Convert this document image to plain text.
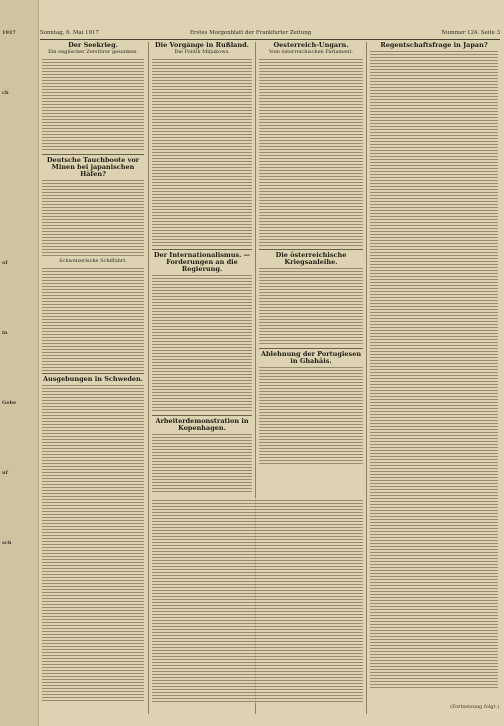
1917
ch
of
in
Gebe
uf
sch
Sonntag, 6. Mai 1917	Erstes Morgenblatt der Frankfurter Zeitung	Nummer 124. Seite 3
Der Seekrieg.
Ein englischer Zerstörer gesunken.
Deutsche Tauchboote vor Minen bei japanischen Häfen?
Schweizerische Schiffahrt.
Ausgebungen in Schweden.
Die Vorgänge in Rußland.
Die Politik Miljukows.
Der Internationalismus. — Forderungen an die Regierung.
Arbeiterdemonstration in Kopenhagen.
Oesterreich-Ungarn.
Vom österreichischen Parlament.
Die österreichische Kriegsanleihe.
Ablehnung der Portugiesen in Ghahäis.
Regentschaftsfrage in Japan?
(Fortsetzung folgt.)
